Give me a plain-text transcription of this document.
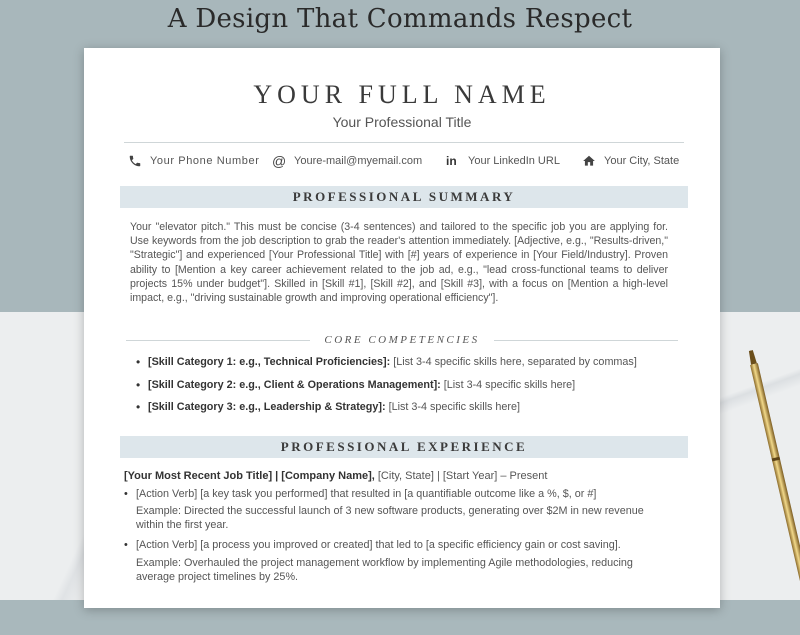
A Design That Commands Respect
YOUR FULL NAME
Your Professional Title
Your Phone Number @ Youre-mail@myemail.com in	Your LinkedIn URL	Your City, State
PROFESSIONAL SUMMARY
Your "elevator pitch." This must be concise (3-4 sentences) and tailored to the specific job you are applying for. Use keywords from the job description to grab the reader's attention immediately. [Adjective, e.g., "Results-driven," "Strategic"] and experienced [Your Professional Title] with [#] years of experience in [Your Field/Industry]. Proven ability to [Mention a key career achievement related to the job ad, e.g., "lead cross-functional teams to deliver projects 15% under budget"]. Skilled in [Skill #1], [Skill #2], and [Skill #3], with a focus on [Mention a high-level impact, e.g., "driving sustainable growth and improving operational efficiency"].
CORE COMPETENCIES
• [Skill Category 1: e.g., Technical Proficiencies]: [List 3-4 specific skills here, separated by commas]
• [Skill Category 2: e.g., Client & Operations Management]: [List 3-4 specific skills here]
• [Skill Category 3: e.g., Leadership & Strategy]: [List 3-4 specific skills here]
PROFESSIONAL EXPERIENCE
[Your Most Recent Job Title] | [Company Name], [City, State] | [Start Year] – Present
• [Action Verb] [a key task you performed] that resulted in [a quantifiable outcome like a %, $, or #]
Example: Directed the successful launch of 3 new software products, generating over $2M in new revenue within the first year.
• [Action Verb] [a process you improved or created] that led to [a specific efficiency gain or cost saving].
Example: Overhauled the project management workflow by implementing Agile methodologies, reducing average project timelines by 25%.
